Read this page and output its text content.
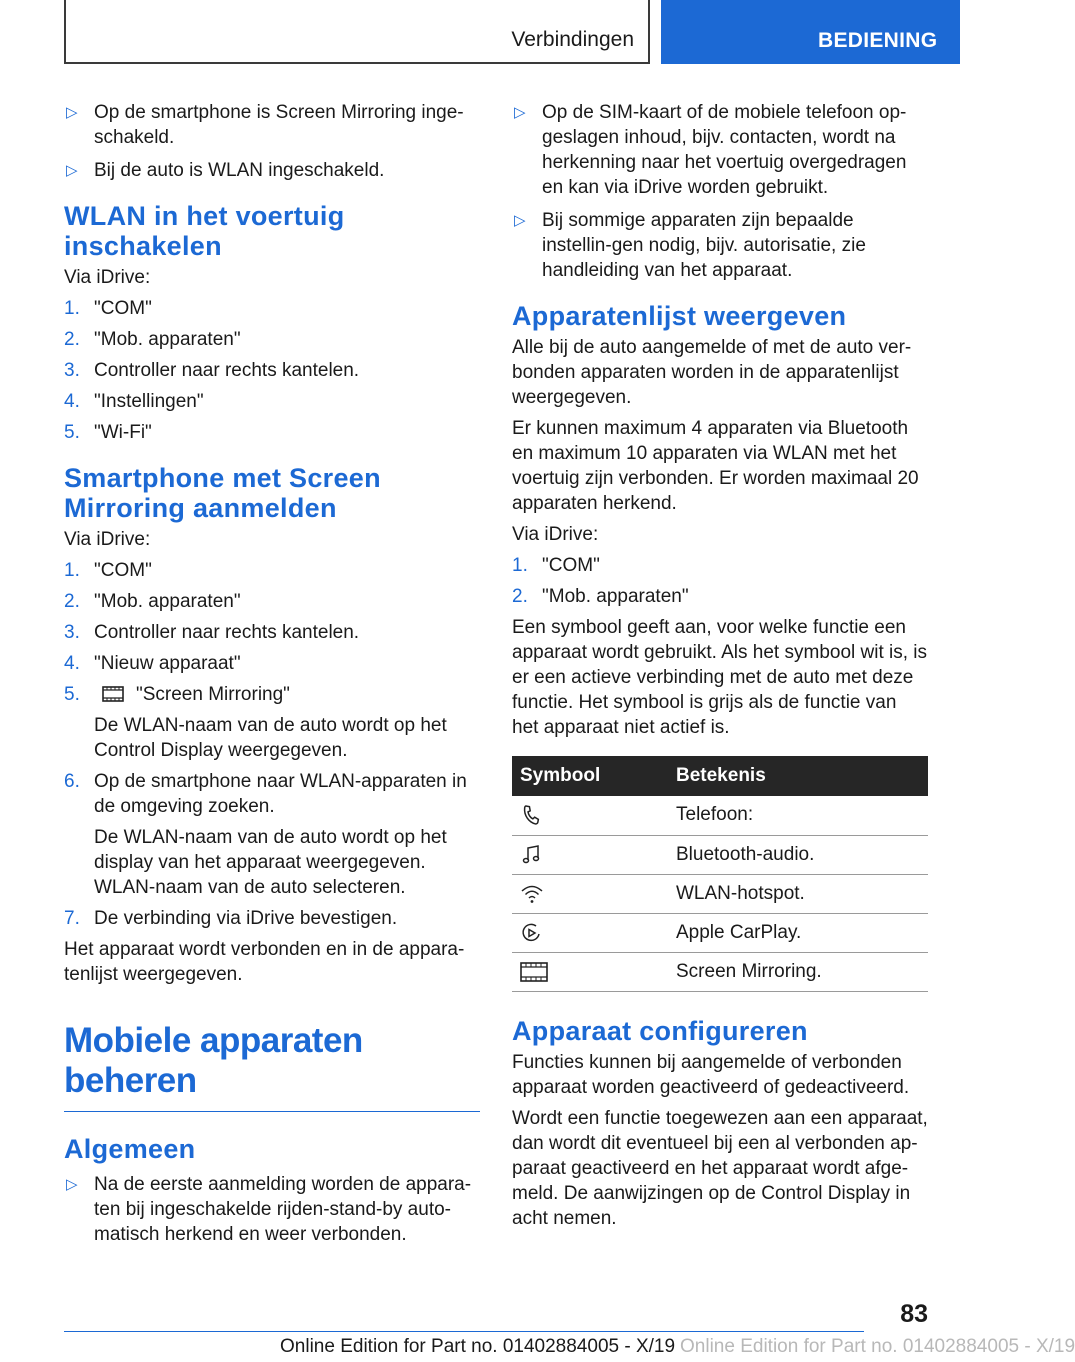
Verbindingen	BEDIENING
▷ Op de smartphone is Screen Mirroring inge‐schakeld.
▷ Bij de auto is WLAN ingeschakeld.
WLAN in het voertuig inschakelen

Via iDrive:

1. "COM"
2. "Mob. apparaten"
3. Controller naar rechts kantelen.
4. "Instellingen"
5. "Wi-Fi"
Smartphone met Screen Mirroring aanmelden

Via iDrive:

1. "COM"
2. "Mob. apparaten"
3. Controller naar rechts kantelen.
4. "Nieuw apparaat"
5.	"Screen Mirroring"
De WLAN-naam van de auto wordt op het Control Display weergegeven.
6. Op de smartphone naar WLAN-apparaten in de omgeving zoeken.
De WLAN-naam van de auto wordt op het display van het apparaat weergegeven.
WLAN-naam van de auto selecteren.
7. De verbinding via iDrive bevestigen.

Het apparaat wordt verbonden en in de appara‐tenlijst weergegeven.

Mobiele apparaten beheren
Algemeen
▷ Na de eerste aanmelding worden de appara‐ten bij ingeschakelde rijden-stand-by auto‐matisch herkend en weer verbonden.
▷ Op de SIM-kaart of de mobiele telefoon op‐geslagen inhoud, bijv. contacten, wordt na herkenning naar het voertuig overgedragen en kan via iDrive worden gebruikt.
▷ Bij sommige apparaten zijn bepaalde instellin‐gen nodig, bijv. autorisatie, zie handleiding van het apparaat.
Apparatenlijst weergeven

Alle bij de auto aangemelde of met de auto ver‐bonden apparaten worden in de apparatenlijst weergegeven.

Er kunnen maximum 4 apparaten via Bluetooth en maximum 10 apparaten via WLAN met het voertuig zijn verbonden. Er worden maximaal 20 apparaten herkend.

Via iDrive:

1. "COM"
2. "Mob. apparaten"

Een symbool geeft aan, voor welke functie een apparaat wordt gebruikt. Als het symbool wit is, is er een actieve verbinding met de auto met deze functie. Het symbool is grijs als de functie van het apparaat niet actief is.

Symbool	Betekenis

	Telefoon:

	Bluetooth-audio.

	WLAN-hotspot.

	Apple CarPlay.

	Screen Mirroring.
Apparaat configureren

Functies kunnen bij aangemelde of verbonden apparaat worden geactiveerd of gedeactiveerd.

Wordt een functie toegewezen aan een apparaat, dan wordt dit eventueel bij een al verbonden ap‐paraat geactiveerd en het apparaat wordt afge‐meld. De aanwijzingen op de Control Display in acht nemen.

83
Online Edition for Part no. 01402884005 - X/19 Online Edition for Part no. 01402884005 - X/19
